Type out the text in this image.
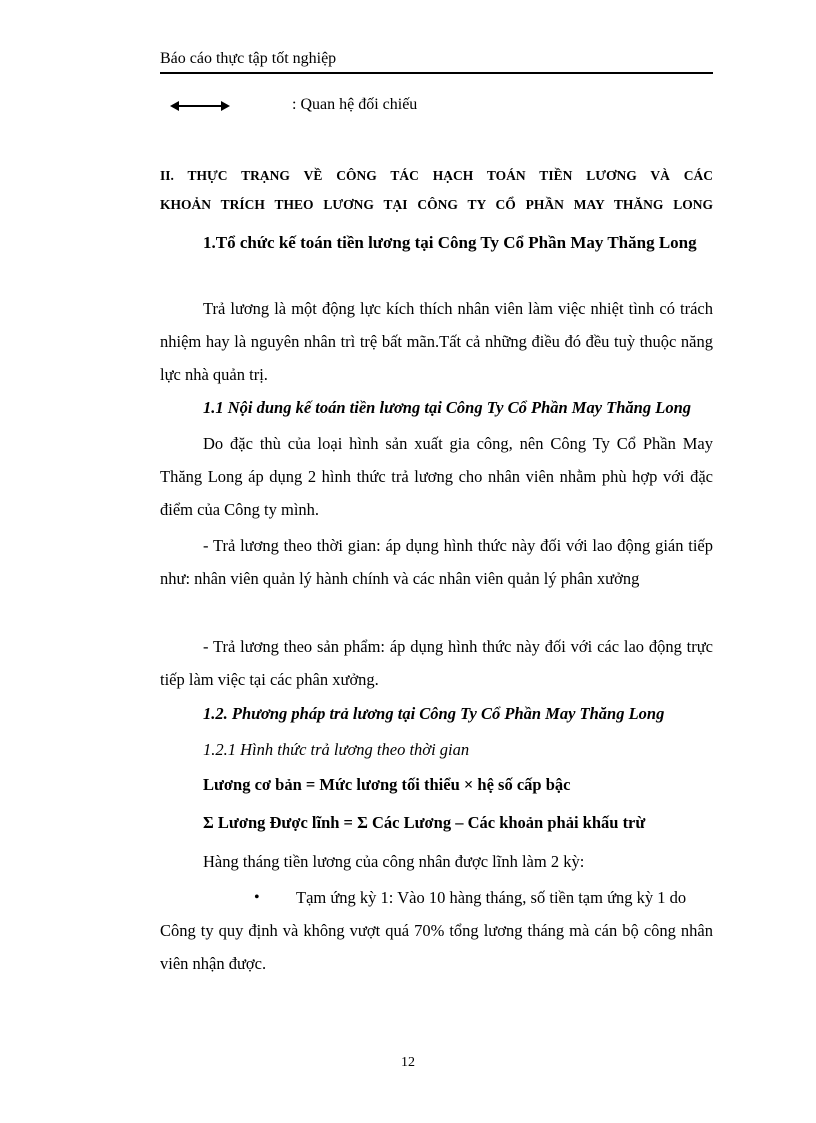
Báo cáo thực tập tốt nghiệp
: Quan hệ đối chiếu
II. THỰC TRẠNG VỀ CÔNG TÁC HẠCH TOÁN TIỀN LƯƠNG VÀ CÁC
KHOẢN TRÍCH THEO LƯƠNG TẠI CÔNG TY CỔ PHẦN MAY THĂNG LONG
1.Tổ chức kế toán tiền lương tại Công Ty Cổ Phần May Thăng Long
Trả lương là một động lực kích thích nhân viên làm việc nhiệt tình có trách nhiệm hay là nguyên nhân trì trệ bất mãn.Tất cả những điều đó đều tuỳ thuộc năng lực nhà quản trị.
1.1 Nội dung kế toán tiền lương tại Công Ty Cổ Phần May Thăng Long
Do đặc thù của loại hình sản xuất gia công, nên Công Ty Cổ Phần May Thăng Long áp dụng 2 hình thức trả lương cho nhân viên nhằm phù hợp với đặc điểm của Công ty mình.
- Trả lương theo thời gian: áp dụng hình thức này đối với lao động gián tiếp như: nhân viên quản lý hành chính và các nhân viên quản lý phân xưởng
- Trả lương theo sản phẩm: áp dụng hình thức này đối với các lao động trực tiếp làm việc tại các phân xưởng.
1.2. Phương pháp trả lương tại Công Ty Cổ Phần May Thăng Long
1.2.1 Hình thức trả lương theo thời gian
Lương cơ bản = Mức lương tối thiểu × hệ số cấp bậc
Σ Lương Được lĩnh = Σ Các Lương – Các khoản phải khấu trừ
Hàng tháng tiền lương của công nhân được lĩnh làm 2 kỳ:
• Tạm ứng kỳ 1: Vào 10 hàng tháng, số tiền tạm ứng kỳ 1 do
Công ty quy định và không vượt quá 70% tổng lương tháng mà cán bộ công nhân viên nhận được.
12
